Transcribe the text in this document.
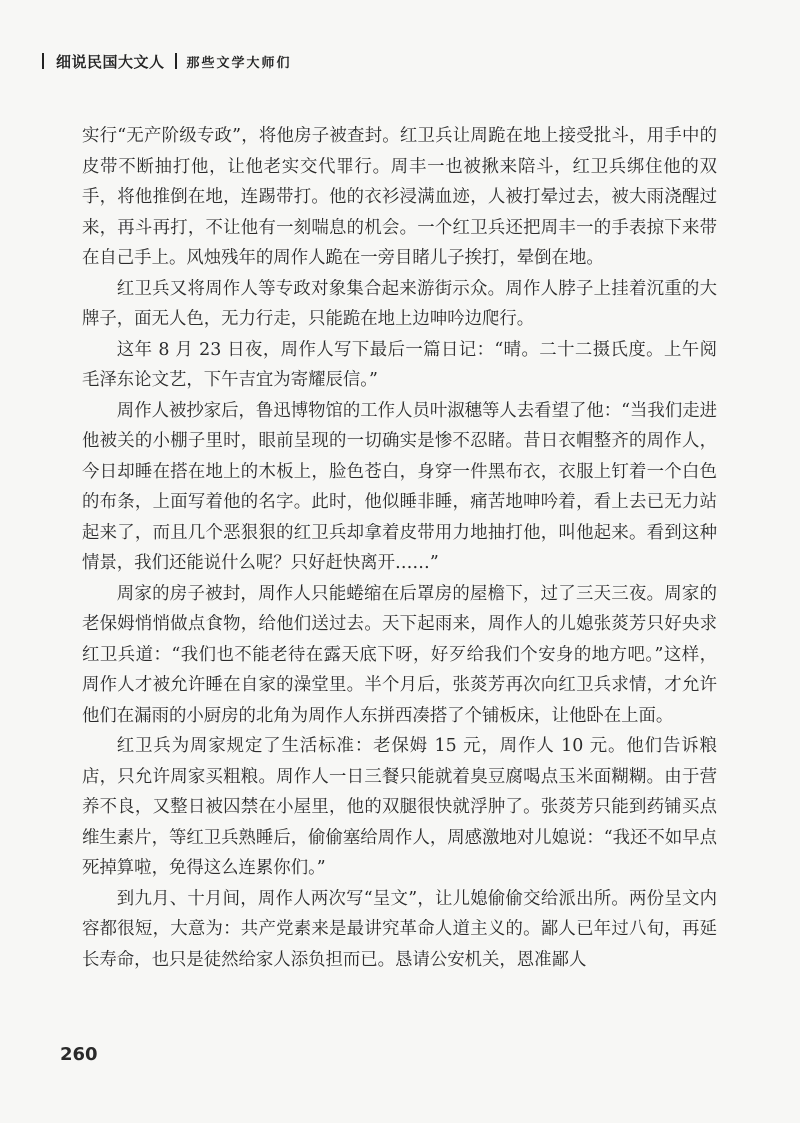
细说民国大文人 那些文学大师们

实行“无产阶级专政”，将他房子被查封。红卫兵让周跪在地上接受批斗，用手中的皮带不断抽打他，让他老实交代罪行。周丰一也被揪来陪斗，红卫兵绑住他的双手，将他推倒在地，连踢带打。他的衣衫浸满血迹，人被打晕过去，被大雨浇醒过来，再斗再打，不让他有一刻喘息的机会。一个红卫兵还把周丰一的手表掠下来带在自己手上。风烛残年的周作人跪在一旁目睹儿子挨打，晕倒在地。

红卫兵又将周作人等专政对象集合起来游街示众。周作人脖子上挂着沉重的大牌子，面无人色，无力行走，只能跪在地上边呻吟边爬行。

这年 8 月 23 日夜，周作人写下最后一篇日记：“晴。二十二摄氏度。上午阅毛泽东论文艺，下午吉宜为寄耀辰信。”

周作人被抄家后，鲁迅博物馆的工作人员叶淑穗等人去看望了他：“当我们走进他被关的小棚子里时，眼前呈现的一切确实是惨不忍睹。昔日衣帽整齐的周作人，今日却睡在搭在地上的木板上，脸色苍白，身穿一件黑布衣，衣服上钉着一个白色的布条，上面写着他的名字。此时，他似睡非睡，痛苦地呻吟着，看上去已无力站起来了，而且几个恶狠狠的红卫兵却拿着皮带用力地抽打他，叫他起来。看到这种情景，我们还能说什么呢？只好赶快离开……”

周家的房子被封，周作人只能蜷缩在后罩房的屋檐下，过了三天三夜。周家的老保姆悄悄做点食物，给他们送过去。天下起雨来，周作人的儿媳张菼芳只好央求红卫兵道：“我们也不能老待在露天底下呀，好歹给我们个安身的地方吧。”这样，周作人才被允许睡在自家的澡堂里。半个月后，张菼芳再次向红卫兵求情，才允许他们在漏雨的小厨房的北角为周作人东拼西凑搭了个铺板床，让他卧在上面。

红卫兵为周家规定了生活标准：老保姆 15 元，周作人 10 元。他们告诉粮店，只允许周家买粗粮。周作人一日三餐只能就着臭豆腐喝点玉米面糊糊。由于营养不良，又整日被囚禁在小屋里，他的双腿很快就浮肿了。张菼芳只能到药铺买点维生素片，等红卫兵熟睡后，偷偷塞给周作人，周感激地对儿媳说：“我还不如早点死掉算啦，免得这么连累你们。”

到九月、十月间，周作人两次写“呈文”，让儿媳偷偷交给派出所。两份呈文内容都很短，大意为：共产党素来是最讲究革命人道主义的。鄙人已年过八旬，再延长寿命，也只是徒然给家人添负担而已。恳请公安机关，恩准鄙人

260
